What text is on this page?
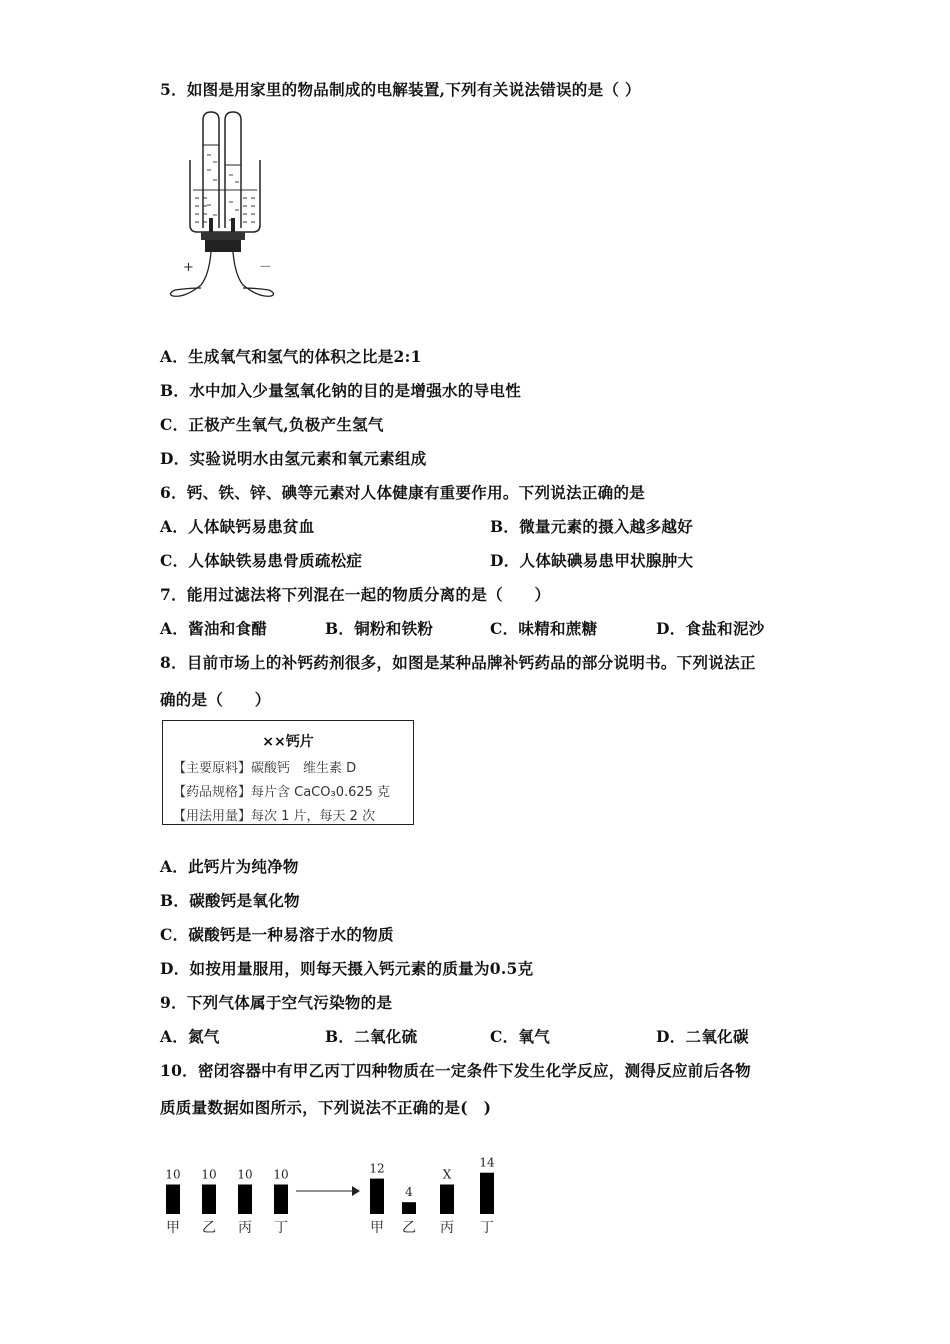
5．如图是用家里的物品制成的电解装置,下列有关说法错误的是（ ）
+	－
A．生成氧气和氢气的体积之比是2:1
B．水中加入少量氢氧化钠的目的是增强水的导电性
C．正极产生氧气,负极产生氢气
D．实验说明水由氢元素和氧元素组成
6．钙、铁、锌、碘等元素对人体健康有重要作用。下列说法正确的是
A．人体缺钙易患贫血	B．微量元素的摄入越多越好
C．人体缺铁易患骨质疏松症	D．人体缺碘易患甲状腺肿大
7．能用过滤法将下列混在一起的物质分离的是（　　）
A．酱油和食醋	B．铜粉和铁粉	C．味精和蔗糖	D．食盐和泥沙
8．目前市场上的补钙药剂很多，如图是某种品牌补钙药品的部分说明书。下列说法正
确的是（　　）
××钙片
【主要原料】碳酸钙　维生素 D
【药品规格】每片含 CaCO₃0.625 克
【用法用量】每次 1 片，每天 2 次
A．此钙片为纯净物
B．碳酸钙是氧化物
C．碳酸钙是一种易溶于水的物质
D．如按用量服用，则每天摄入钙元素的质量为0.5克
9．下列气体属于空气污染物的是
A．氮气	B．二氧化硫	C．氧气	D．二氧化碳
10．密闭容器中有甲乙丙丁四种物质在一定条件下发生化学反应，测得反应前后各物
质质量数据如图所示，下列说法不正确的是(　)
10
甲
10
乙
10
丙
10
丁
12
甲
4
乙
X
丙
14
丁
